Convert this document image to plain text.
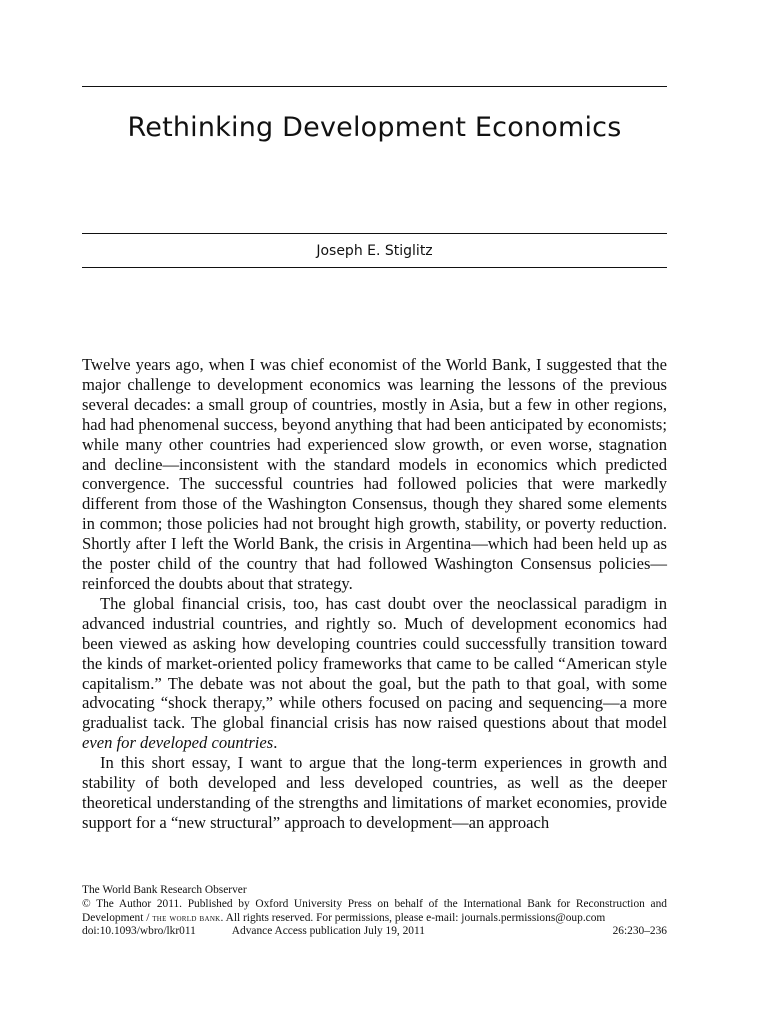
Rethinking Development Economics
Joseph E. Stiglitz

Twelve years ago, when I was chief economist of the World Bank, I suggested that the major challenge to development economics was learning the lessons of the previous several decades: a small group of countries, mostly in Asia, but a few in other regions, had had phenomenal success, beyond anything that had been anticipated by economists; while many other countries had experienced slow growth, or even worse, stagnation and decline—inconsistent with the standard models in economics which predicted convergence. The successful countries had followed policies that were markedly different from those of the Washington Consensus, though they shared some elements in common; those policies had not brought high growth, stability, or poverty reduction. Shortly after I left the World Bank, the crisis in Argentina—which had been held up as the poster child of the country that had followed Washington Consensus policies—reinforced the doubts about that strategy.

The global financial crisis, too, has cast doubt over the neoclassical paradigm in advanced industrial countries, and rightly so. Much of development economics had been viewed as asking how developing countries could successfully transition toward the kinds of market-oriented policy frameworks that came to be called “American style capitalism.” The debate was not about the goal, but the path to that goal, with some advocating “shock therapy,” while others focused on pacing and sequencing—a more gradualist tack. The global financial crisis has now raised questions about that model even for developed countries.

In this short essay, I want to argue that the long-term experiences in growth and stability of both developed and less developed countries, as well as the deeper theoretical understanding of the strengths and limitations of market economies, provide support for a “new structural” approach to development—an approach

The World Bank Research Observer
© The Author 2011. Published by Oxford University Press on behalf of the International Bank for Reconstruction and
Development / the world bank. All rights reserved. For permissions, please e-mail: journals.permissions@oup.com
doi:10.1093/wbro/lkr011	Advance Access publication July 19, 2011	26:230–236
